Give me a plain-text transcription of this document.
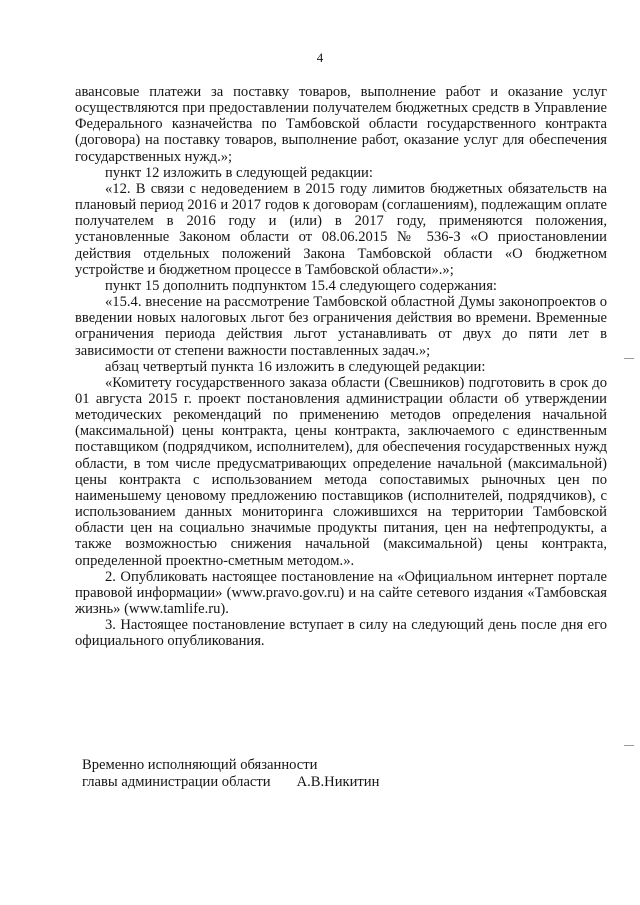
4

авансовые платежи за поставку товаров, выполнение работ и оказание услуг осуществляются при предоставлении получателем бюджетных средств в Управление Федерального казначейства по Тамбовской области государственного контракта (договора) на поставку товаров, выполнение работ, оказание услуг для обеспечения государственных нужд.»;

пункт 12 изложить в следующей редакции:

«12. В связи с недоведением в 2015 году лимитов бюджетных обязательств на плановый период 2016 и 2017 годов к договорам (соглашениям), подлежащим оплате получателем в 2016 году и (или) в 2017 году, применяются положения, установленные Законом области от 08.06.2015 № 536-З «О приостановлении действия отдельных положений Закона Тамбовской области «О бюджетном устройстве и бюджетном процессе в Тамбовской области».»;

пункт 15 дополнить подпунктом 15.4 следующего содержания:

«15.4. внесение на рассмотрение Тамбовской областной Думы законопроектов о введении новых налоговых льгот без ограничения действия во времени. Временные ограничения периода действия льгот устанавливать от двух до пяти лет в зависимости от степени важности поставленных задач.»;

абзац четвертый пункта 16 изложить в следующей редакции:

«Комитету государственного заказа области (Свешников) подготовить в срок до 01 августа 2015 г. проект постановления администрации области об утверждении методических рекомендаций по применению методов определения начальной (максимальной) цены контракта, цены контракта, заключаемого с единственным поставщиком (подрядчиком, исполнителем), для обеспечения государственных нужд области, в том числе предусматривающих определение начальной (максимальной) цены контракта с использованием метода сопоставимых рыночных цен по наименьшему ценовому предложению поставщиков (исполнителей, подрядчиков), с использованием данных мониторинга сложившихся на территории Тамбовской области цен на социально значимые продукты питания, цен на нефтепродукты, а также возможностью снижения начальной (максимальной) цены контракта, определенной проектно-сметным методом.».

2. Опубликовать настоящее постановление на «Официальном интернет портале правовой информации» (www.pravo.gov.ru) и на сайте сетевого издания «Тамбовская жизнь» (www.tamlife.ru).

3. Настоящее постановление вступает в силу на следующий день после дня его официального опубликования.

Временно исполняющий обязанности
главы администрации области А.В.Никитин
